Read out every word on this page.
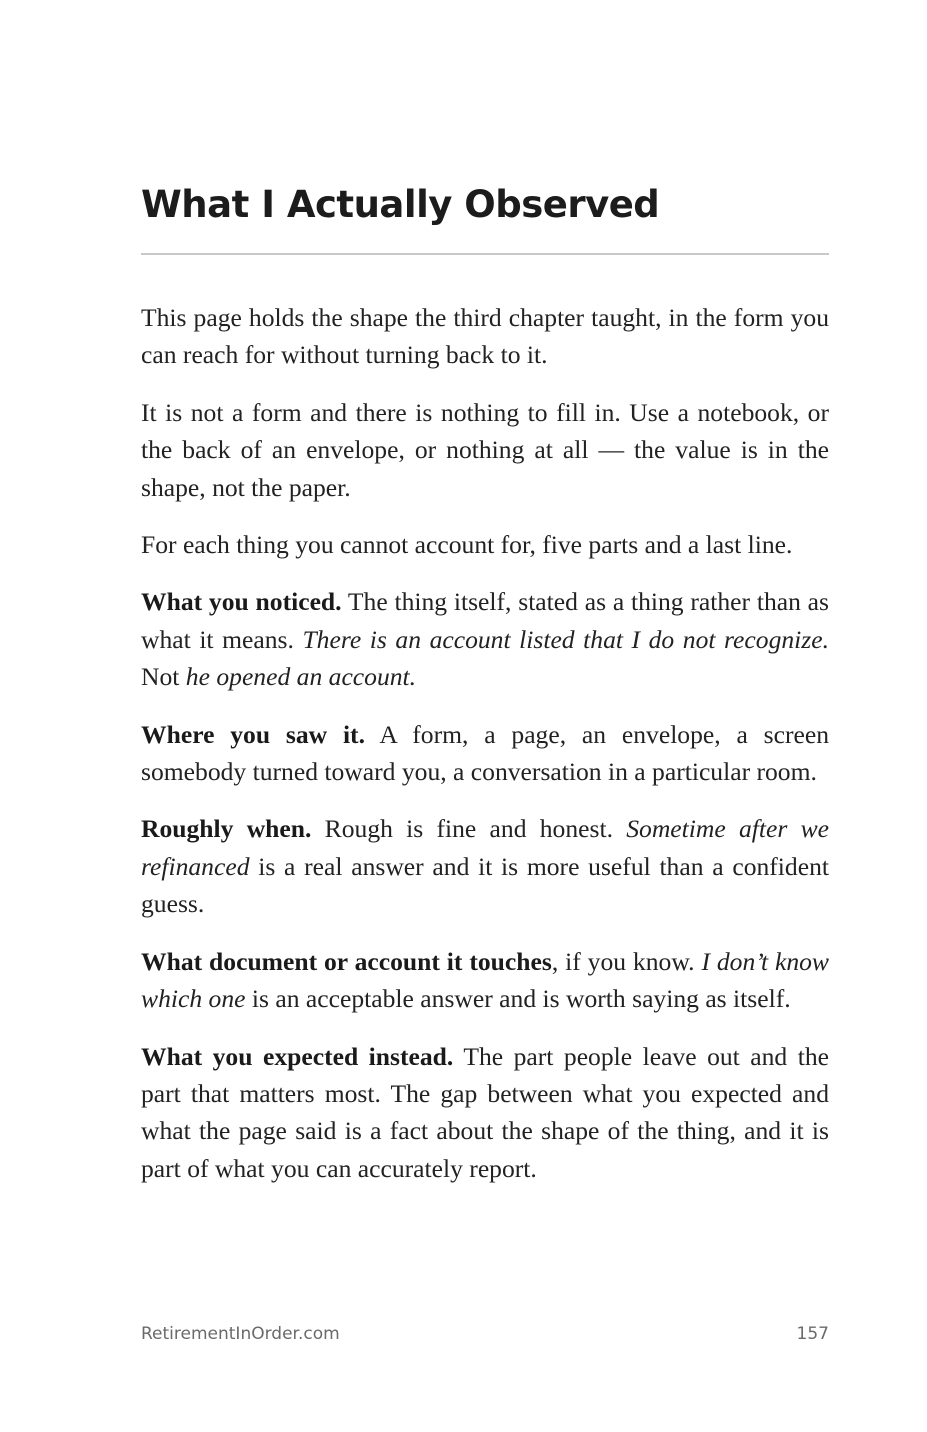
What I Actually Observed

This page holds the shape the third chapter taught, in the form you can reach for without turning back to it.

It is not a form and there is nothing to fill in. Use a notebook, or the back of an envelope, or nothing at all — the value is in the shape, not the paper.

For each thing you cannot account for, five parts and a last line.

What you noticed. The thing itself, stated as a thing rather than as what it means. There is an account listed that I do not recognize. Not he opened an account.

Where you saw it. A form, a page, an envelope, a screen somebody turned toward you, a conversation in a particular room.

Roughly when. Rough is fine and honest. Sometime after we refinanced is a real answer and it is more useful than a confident guess.

What document or account it touches, if you know. I don’t know which one is an acceptable answer and is worth saying as itself.

What you expected instead. The part people leave out and the part that matters most. The gap between what you expected and what the page said is a fact about the shape of the thing, and it is part of what you can accurately report.

RetirementInOrder.com	157
